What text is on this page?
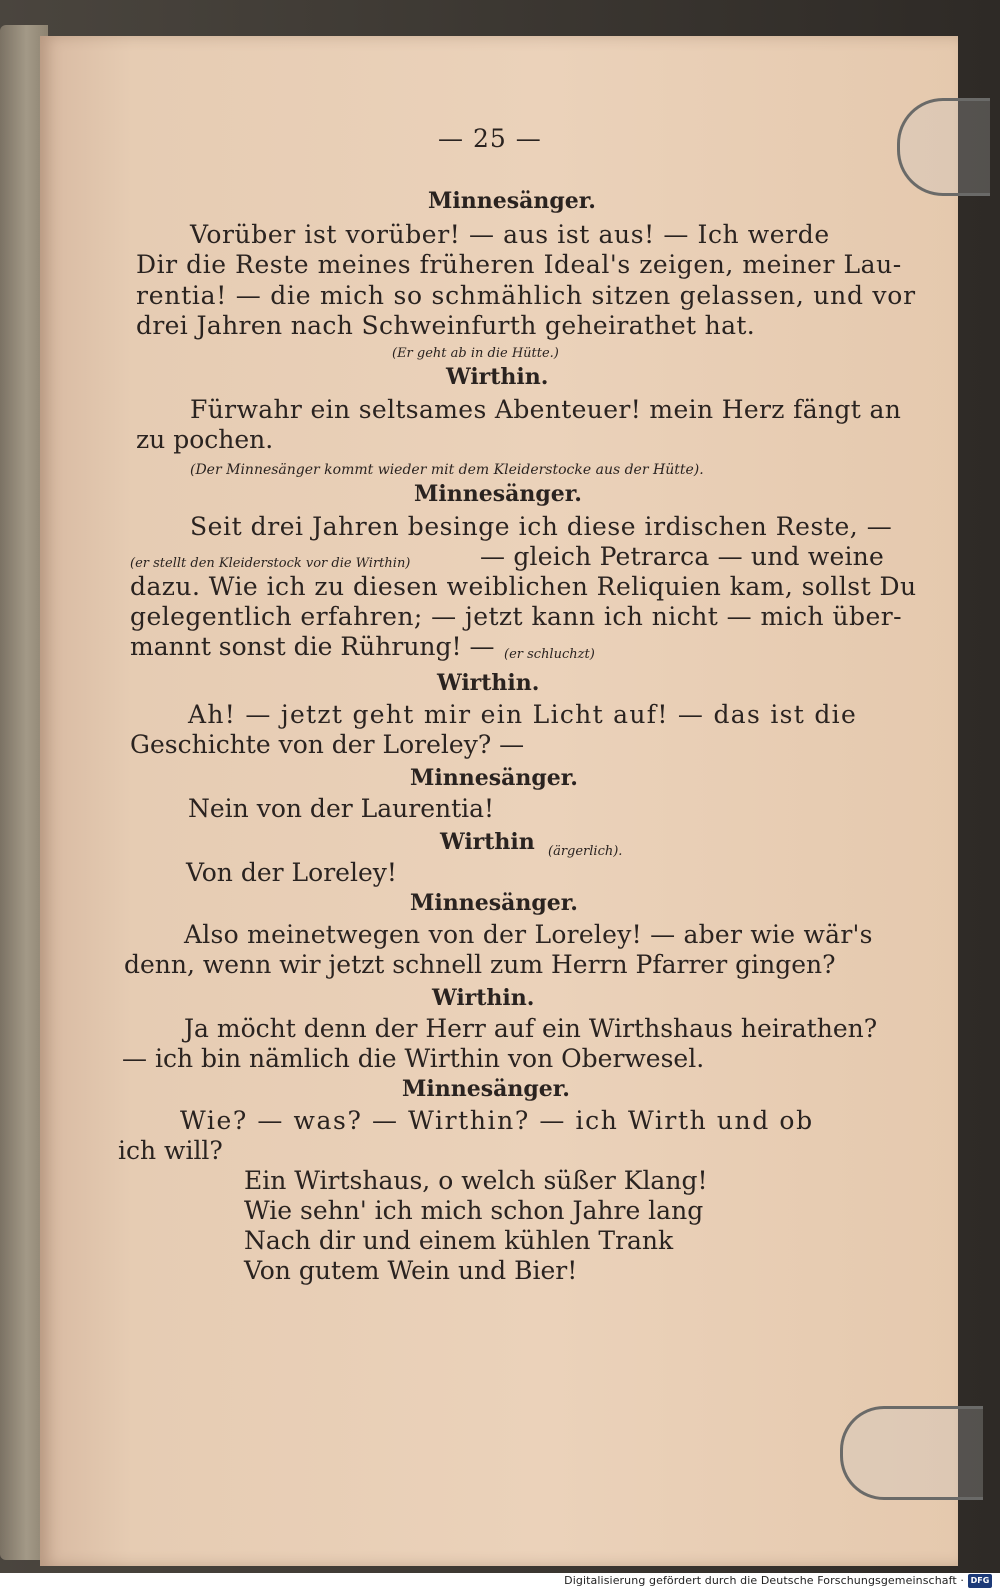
— 25 —
Minnesänger.
Vorüber ist vorüber! — aus ist aus! — Ich werde
Dir die Reste meines früheren Ideal's zeigen, meiner Lau-
rentia! — die mich so schmählich sitzen gelassen, und vor
drei Jahren nach Schweinfurth geheirathet hat.
(Er geht ab in die Hütte.)
Wirthin.
Fürwahr ein seltsames Abenteuer! mein Herz fängt an
zu pochen.
(Der Minnesänger kommt wieder mit dem Kleiderstocke aus der Hütte).
Minnesänger.
Seit drei Jahren besinge ich diese irdischen Reste, —
(er stellt den Kleiderstock vor die Wirthin)	— gleich Petrarca — und weine
dazu. Wie ich zu diesen weiblichen Reliquien kam, sollst Du
gelegentlich erfahren; — jetzt kann ich nicht — mich über-
mannt sonst die Rührung! — (er schluchzt)
Wirthin.
Ah! — jetzt geht mir ein Licht auf! — das ist die
Geschichte von der Loreley? —
Minnesänger.
Nein von der Laurentia!
Wirthin (ärgerlich).
Von der Loreley!
Minnesänger.
Also meinetwegen von der Loreley! — aber wie wär's
denn, wenn wir jetzt schnell zum Herrn Pfarrer gingen?
Wirthin.
Ja möcht denn der Herr auf ein Wirthshaus heirathen?
— ich bin nämlich die Wirthin von Oberwesel.
Minnesänger.
Wie? — was? — Wirthin? — ich Wirth und ob
ich will?
Ein Wirtshaus, o welch süßer Klang!
Wie sehn' ich mich schon Jahre lang
Nach dir und einem kühlen Trank
Von gutem Wein und Bier!
Digitalisierung gefördert durch die Deutsche Forschungsgemeinschaft · DFG
